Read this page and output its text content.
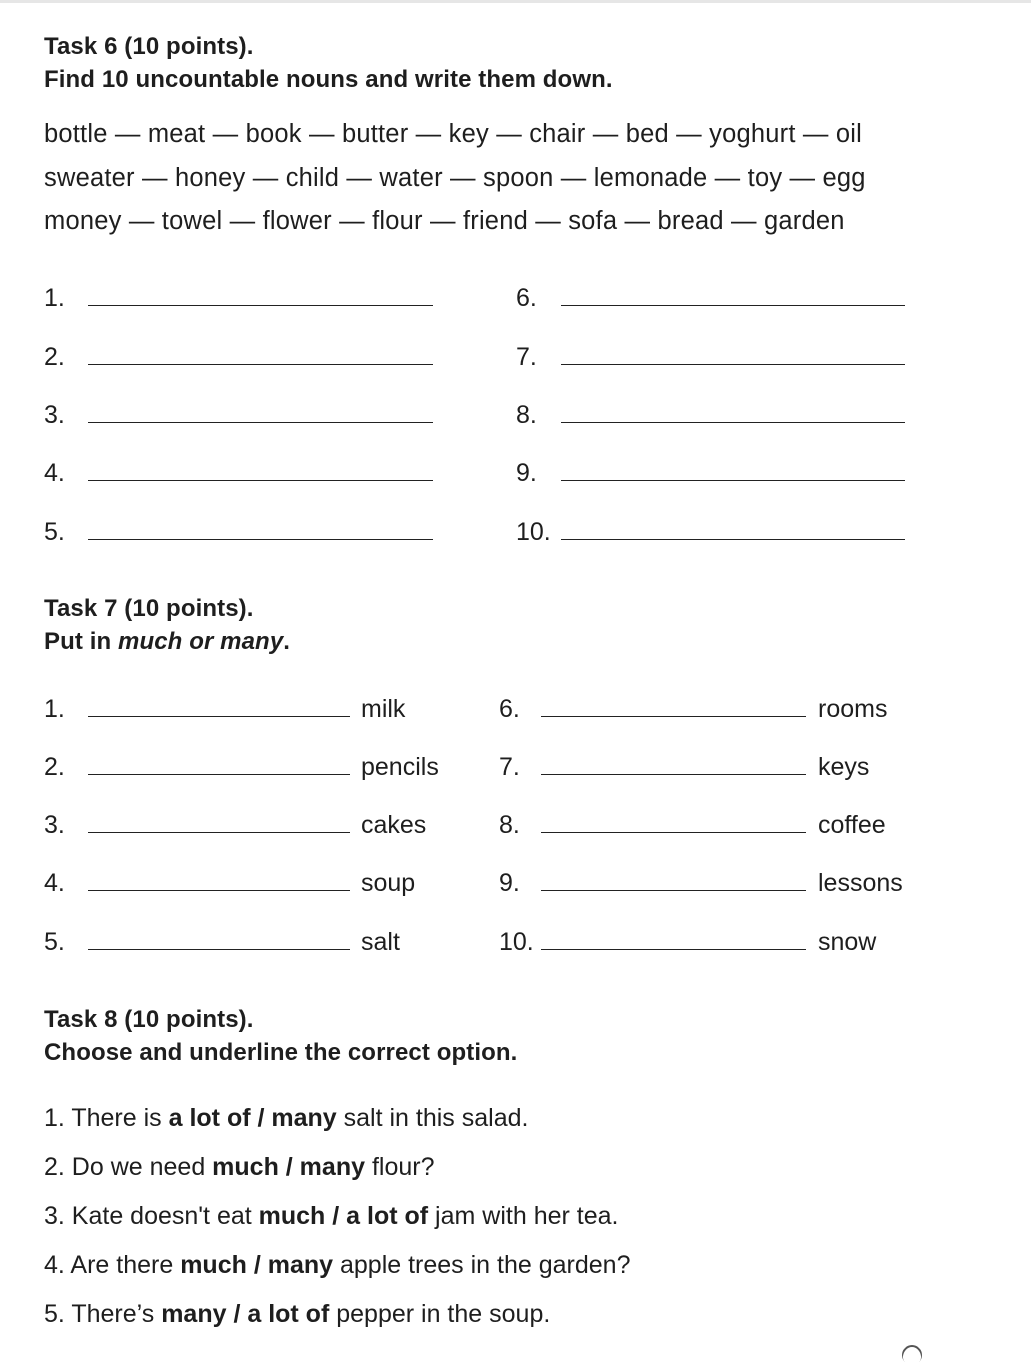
Task 6 (10 points).
Find 10 uncountable nouns and write them down.
bottle — meat — book — butter — key — chair — bed — yoghurt — oil
sweater — honey — child — water — spoon — lemonade — toy — egg
money — towel — flower — flour — friend — sofa — bread — garden
1.
2.
3.
4.
5.
6.
7.
8.
9.
10.
Task 7 (10 points).
Put in much or many.
1.	milk
2.	pencils
3.	cakes
4.	soup
5.	salt
6.	rooms
7.	keys
8.	coffee
9.	lessons
10.	snow
Task 8 (10 points).
Choose and underline the correct option.
1. There is a lot of / many salt in this salad.
2. Do we need much / many flour?
3. Kate doesn't eat much / a lot of jam with her tea.
4. Are there much / many apple trees in the garden?
5. There’s many / a lot of pepper in the soup.
